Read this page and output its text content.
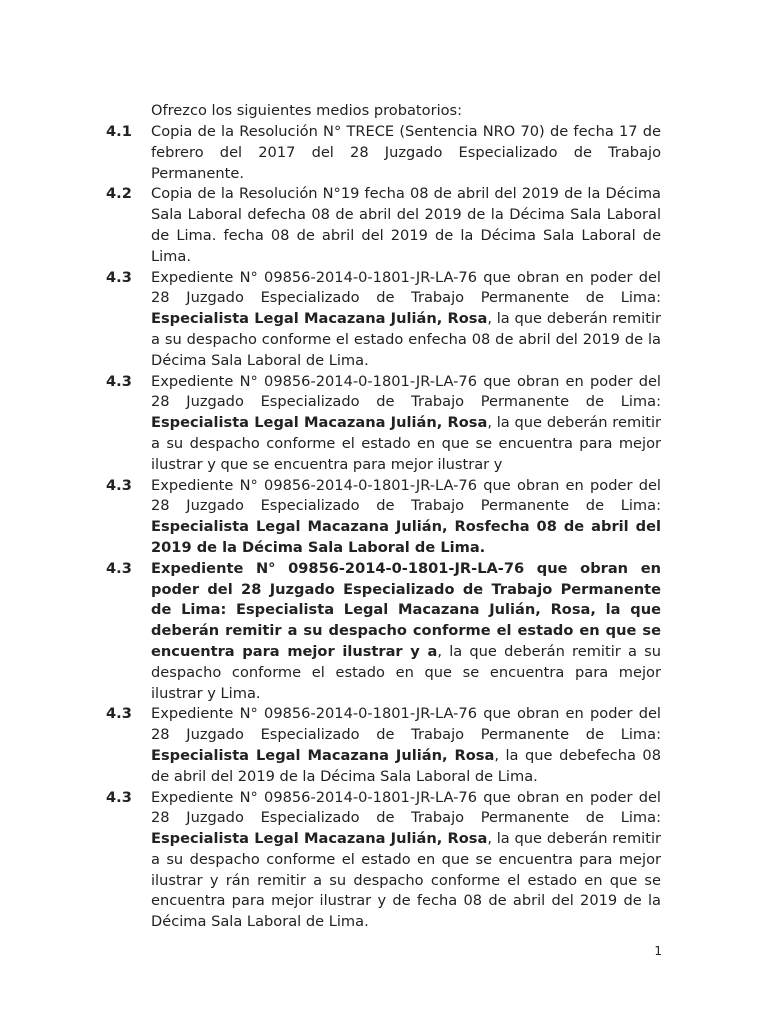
Ofrezco los siguientes medios probatorios:
4.1	Copia de la Resolución N° TRECE (Sentencia NRO 70) de fecha 17 de febrero del 2017 del 28 Juzgado Especializado de Trabajo Permanente.
4.2	Copia de la Resolución N°19 fecha 08 de abril del 2019 de la Décima Sala Laboral defecha 08 de abril del 2019 de la Décima Sala Laboral de Lima. fecha 08 de abril del 2019 de la Décima Sala Laboral de Lima.
4.3	Expediente N° 09856-2014-0-1801-JR-LA-76 que obran en poder del 28 Juzgado Especializado de Trabajo Permanente de Lima: Especialista Legal Macazana Julián, Rosa, la que deberán remitir a su despacho conforme el estado enfecha 08 de abril del 2019 de la Décima Sala Laboral de Lima.
4.3	Expediente N° 09856-2014-0-1801-JR-LA-76 que obran en poder del 28 Juzgado Especializado de Trabajo Permanente de Lima: Especialista Legal Macazana Julián, Rosa, la que deberán remitir a su despacho conforme el estado en que se encuentra para mejor ilustrar y que se encuentra para mejor ilustrar y
4.3	Expediente N° 09856-2014-0-1801-JR-LA-76 que obran en poder del 28 Juzgado Especializado de Trabajo Permanente de Lima: Especialista Legal Macazana Julián, Rosfecha 08 de abril del 2019 de la Décima Sala Laboral de Lima.
4.3	Expediente N° 09856-2014-0-1801-JR-LA-76 que obran en poder del 28 Juzgado Especializado de Trabajo Permanente de Lima: Especialista Legal Macazana Julián, Rosa, la que deberán remitir a su despacho conforme el estado en que se encuentra para mejor ilustrar y a, la que deberán remitir a su despacho conforme el estado en que se encuentra para mejor ilustrar y Lima.
4.3	Expediente N° 09856-2014-0-1801-JR-LA-76 que obran en poder del 28 Juzgado Especializado de Trabajo Permanente de Lima: Especialista Legal Macazana Julián, Rosa, la que debefecha 08 de abril del 2019 de la Décima Sala Laboral de Lima.
4.3	Expediente N° 09856-2014-0-1801-JR-LA-76 que obran en poder del 28 Juzgado Especializado de Trabajo Permanente de Lima: Especialista Legal Macazana Julián, Rosa, la que deberán remitir a su despacho conforme el estado en que se encuentra para mejor ilustrar y rán remitir a su despacho conforme el estado en que se encuentra para mejor ilustrar y de fecha 08 de abril del 2019 de la Décima Sala Laboral de Lima.
1
